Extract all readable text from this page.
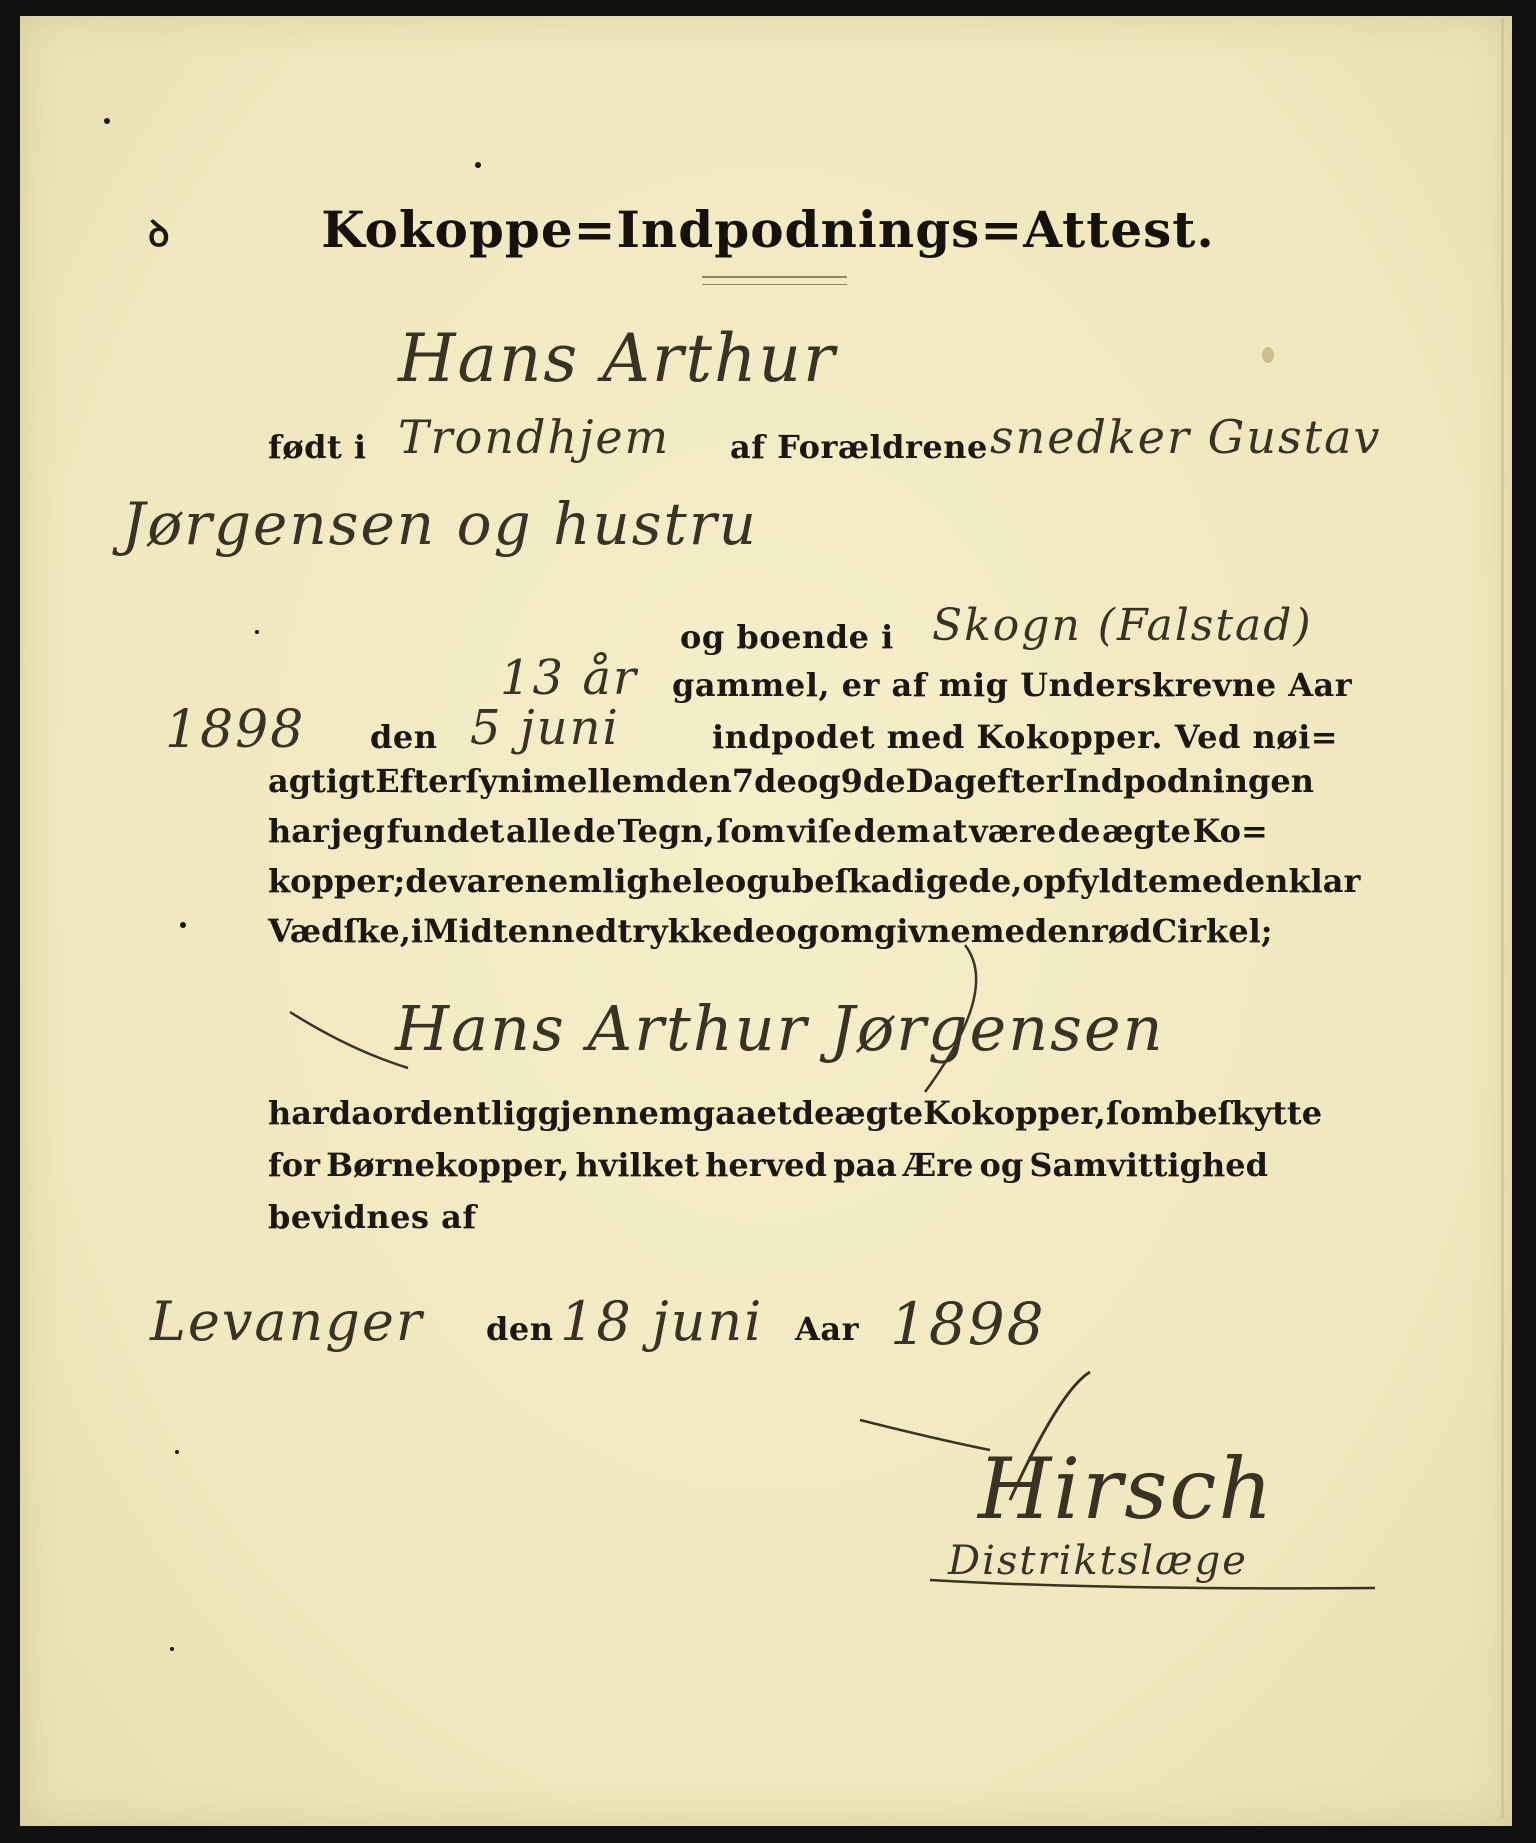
ꝺ	Kokoppe=Indpodnings=Attest.
Hans Arthur
født i Trondhjem af Forældrene snedker Gustav
Jørgensen og hustru
og boende i Skogn (Falstad)
13 år gammel, er af mig Underskrevne Aar
1898 den 5 juni	indpodet med Kokopper. Ved nøi=
agtigt Efterſyn imellem den 7de og 9de Dag efter Indpodningen
har jeg fundet alle de Tegn, ſom viſe dem at være de ægte Ko=
kopper; de vare nemlig hele og ubeſkadigede, opfyldte med en klar
Vædſke, i Midten nedtrykkede og omgivne med en rød Cirkel;
Hans Arthur Jørgensen
har da ordentlig gjennemgaaet de ægte Kokopper, ſom beſkytte
for Børnekopper, hvilket herved paa Ære og Samvittighed
bevidnes af
Levanger den 18 juni Aar 1898
Hirsch
Distriktslæge
